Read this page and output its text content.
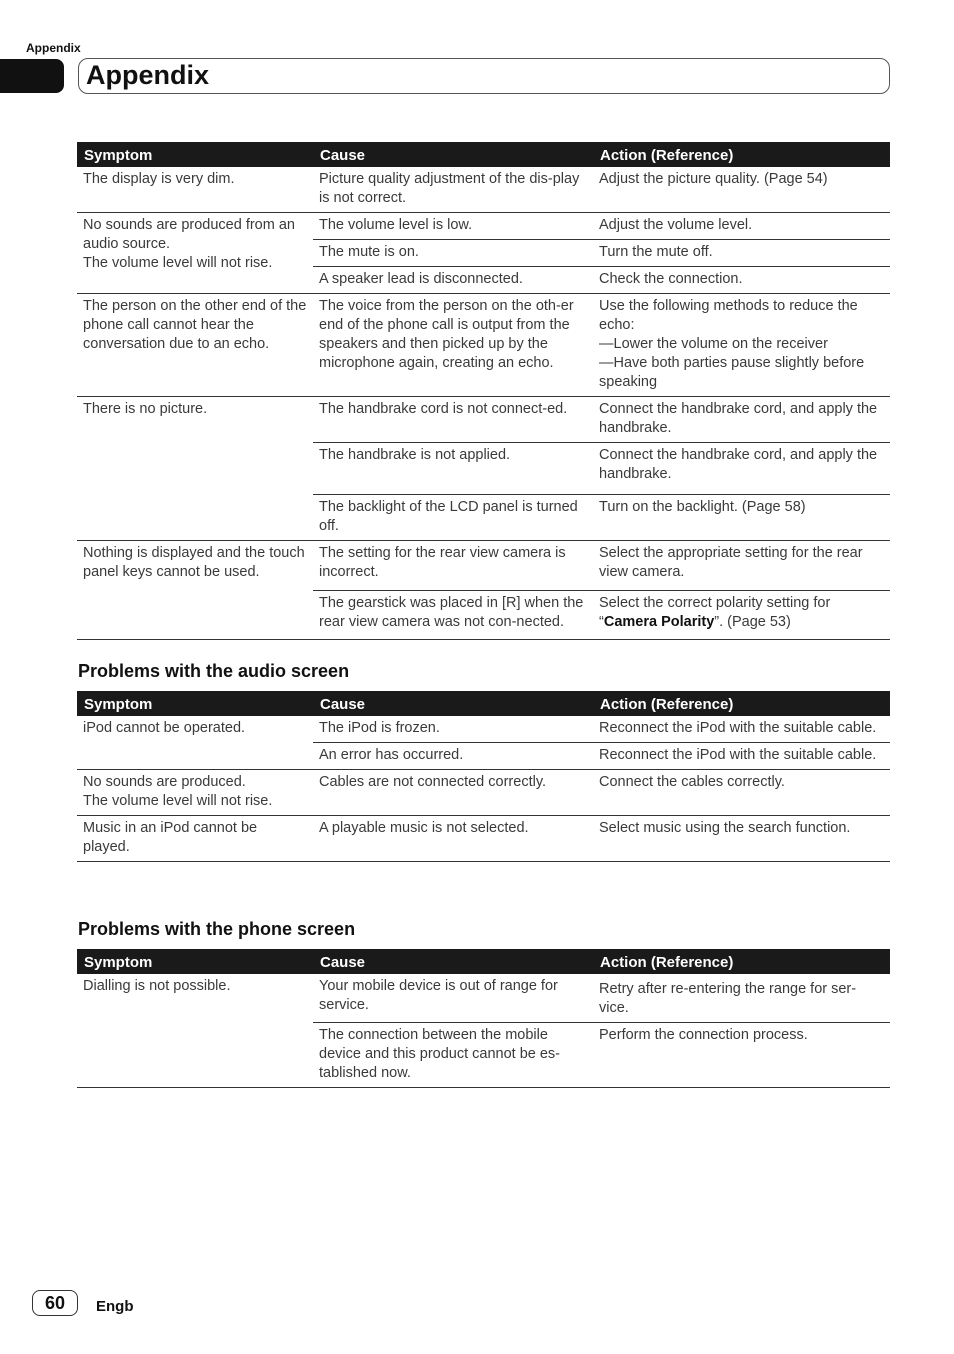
Appendix
Appendix
Symptom	Cause	Action (Reference)
The display is very dim.	Picture quality adjustment of the dis-play is not correct.	Adjust the picture quality. (Page 54)

No sounds are produced from an audio source.
The volume level will not rise.	The volume level is low.	Adjust the volume level.
	The mute is on.	Turn the mute off.
	A speaker lead is disconnected.	Check the connection.
The person on the other end of the phone call cannot hear the conversation due to an echo.	The voice from the person on the oth-er end of the phone call is output from the speakers and then picked up by the microphone again, creating an echo.	Use the following methods to reduce the echo:
—Lower the volume on the receiver
—Have both parties pause slightly before speaking

There is no picture.	The handbrake cord is not connect-ed.	Connect the handbrake cord, and apply the handbrake.
	The handbrake is not applied.	Connect the handbrake cord, and apply the handbrake.
	The backlight of the LCD panel is turned off.	Turn on the backlight. (Page 58)
Nothing is displayed and the touch panel keys cannot be used.	The setting for the rear view camera is incorrect.	Select the appropriate setting for the rear view camera.
	The gearstick was placed in [R] when the rear view camera was not con-nected.	Select the correct polarity setting for “Camera Polarity”. (Page 53)
Problems with the audio screen
Symptom	Cause	Action (Reference)
iPod cannot be operated.	The iPod is frozen.	Reconnect the iPod with the suitable cable.
	An error has occurred.	Reconnect the iPod with the suitable cable.

No sounds are produced.
The volume level will not rise.	Cables are not connected correctly.	Connect the cables correctly.
Music in an iPod cannot be played.	A playable music is not selected.	Select music using the search function.
Problems with the phone screen
Symptom	Cause	Action (Reference)
Dialling is not possible.	Your mobile device is out of range for service.	Retry after re-entering the range for ser-vice.
	The connection between the mobile device and this product cannot be es-tablished now.	Perform the connection process.
60	Engb
